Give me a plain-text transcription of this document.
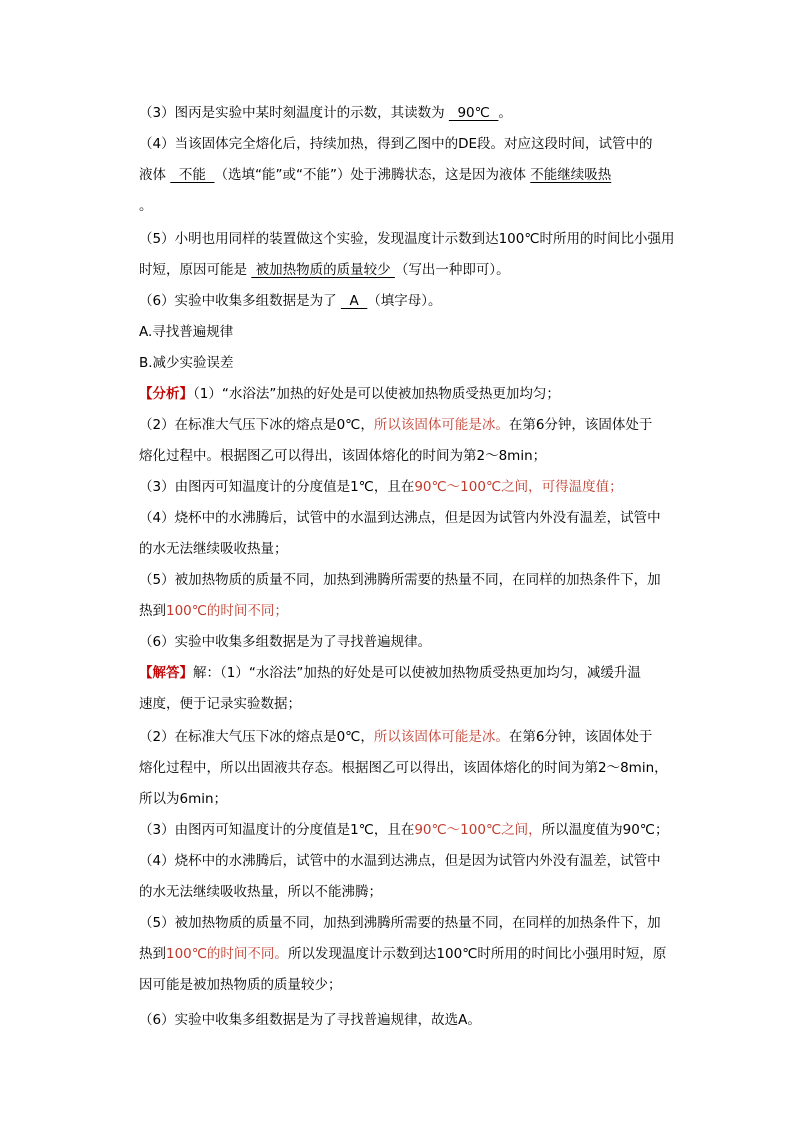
（3）图丙是实验中某时刻温度计的示数，其读数为   90℃  。
（4）当该固体完全熔化后，持续加热，得到乙图中的DE段。对应这段时间，试管中的
液体   不能  （选填“能”或“不能”）处于沸腾状态，这是因为液体 不能继续吸热
。
（5）小明也用同样的装置做这个实验，发现温度计示数到达100℃时所用的时间比小强用
时短，原因可能是  被加热物质的质量较少 （写出一种即可）。
（6）实验中收集多组数据是为了   A  （填字母）。
A.寻找普遍规律
B.减少实验误差
【分析】（1）“水浴法”加热的好处是可以使被加热物质受热更加均匀；
（2）在标准大气压下冰的熔点是0℃，所以该固体可能是冰。在第6分钟，该固体处于
熔化过程中。根据图乙可以得出，该固体熔化的时间为第2～8min；
（3）由图丙可知温度计的分度值是1℃，且在90℃～100℃之间，可得温度值；
（4）烧杯中的水沸腾后，试管中的水温到达沸点，但是因为试管内外没有温差，试管中
的水无法继续吸收热量；
（5）被加热物质的质量不同，加热到沸腾所需要的热量不同，在同样的加热条件下，加
热到100℃的时间不同；
（6）实验中收集多组数据是为了寻找普遍规律。
【解答】解：（1）“水浴法”加热的好处是可以使被加热物质受热更加均匀，减缓升温
速度，便于记录实验数据；
（2）在标准大气压下冰的熔点是0℃，所以该固体可能是冰。在第6分钟，该固体处于
熔化过程中，所以出固液共存态。根据图乙可以得出，该固体熔化的时间为第2～8min，
所以为6min；
（3）由图丙可知温度计的分度值是1℃，且在90℃～100℃之间，所以温度值为90℃；
（4）烧杯中的水沸腾后，试管中的水温到达沸点，但是因为试管内外没有温差，试管中
的水无法继续吸收热量，所以不能沸腾；
（5）被加热物质的质量不同，加热到沸腾所需要的热量不同，在同样的加热条件下，加
热到100℃的时间不同。所以发现温度计示数到达100℃时所用的时间比小强用时短，原
因可能是被加热物质的质量较少；
（6）实验中收集多组数据是为了寻找普遍规律，故选A。
